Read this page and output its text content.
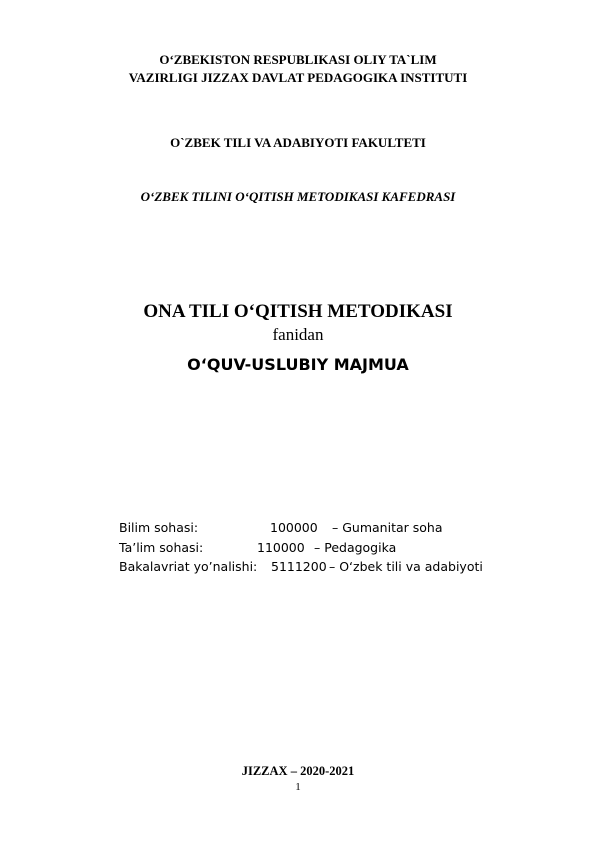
O‘ZBEKISTON RESPUBLIKASI OLIY TA`LIM
VAZIRLIGI JIZZAX DAVLAT PEDAGOGIKA INSTITUTI
O`ZBEK TILI VA ADABIYOTI FAKULTETI
O‘ZBEK TILINI O‘QITISH METODIKASI KAFEDRASI
ONA TILI O‘QITISH METODIKASI
fanidan
O‘QUV-USLUBIY MAJMUA
Bilim sohasi:	100000 – Gumanitar soha
Ta’lim sohasi:	110000 – Pedagogika
Bakalavriat yo’nalishi: 5111200 – O‘zbek tili va adabiyoti
JIZZAX – 2020-2021
1
